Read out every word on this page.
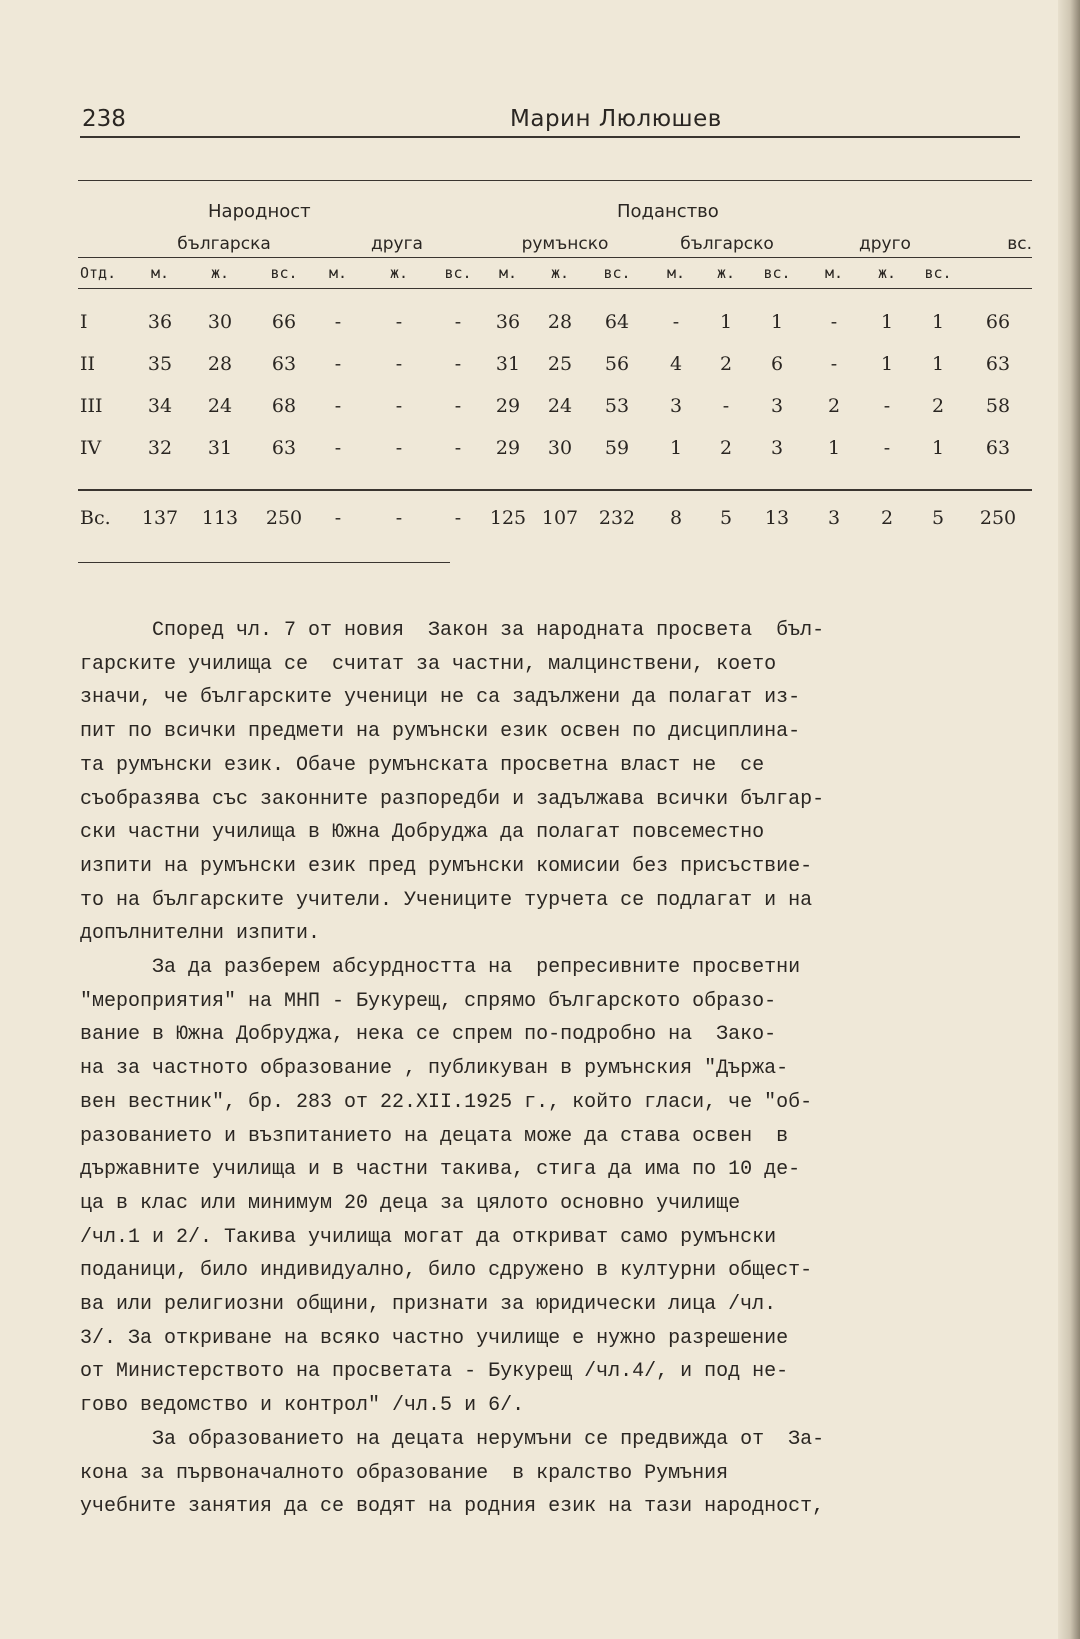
238	Марин Люлюшев

	Народност						Поданство									
	българска			друга			румънско			българско			друго			вс.
Отд.	м.	ж.	вс.	м.	ж.	вс.	м.	ж.	вс.	м.	ж.	вс.	м.	ж.	вс.	

I	36	30	66	-	-	-	36	28	64	-	1	1	-	1	1	66
II	35	28	63	-	-	-	31	25	56	4	2	6	-	1	1	63
III	34	24	68	-	-	-	29	24	53	3	-	3	2	-	2	58
IV	32	31	63	-	-	-	29	30	59	1	2	3	1	-	1	63

Вс.	137	113	250	-	-	-	125	107	232	8	5	13	3	2	5	250
Според чл. 7 от новия  Закон за народната просвета  бъл-
гарските училища се  считат за частни, малцинствени, което
значи, че българските ученици не са задължени да полагат из-
пит по всички предмети на румънски език освен по дисциплина-
та румънски език. Обаче румънската просветна власт не  се
съобразява със законните разпоредби и задължава всички българ-
ски частни училища в Южна Добруджа да полагат повсеместно
изпити на румънски език пред румънски комисии без присъствие-
то на българските учители. Учениците турчета се подлагат и на
допълнителни изпити.
За да разберем абсурдността на  репресивните просветни
"мероприятия" на МНП - Букурещ, спрямо българското образо-
вание в Южна Добруджа, нека се спрем по-подробно на  Зако-
на за частното образование , публикуван в румънския "Държа-
вен вестник", бр. 283 от 22.XII.1925 г., който гласи, че "об-
разованието и възпитанието на децата може да става освен  в
държавните училища и в частни такива, стига да има по 10 де-
ца в клас или минимум 20 деца за цялото основно училище
/чл.1 и 2/. Такива училища могат да откриват само румънски
поданици, било индивидуално, било сдружено в културни общест-
ва или религиозни общини, признати за юридически лица /чл.
3/. За откриване на всяко частно училище е нужно разрешение
от Министерството на просветата - Букурещ /чл.4/, и под не-
гово ведомство и контрол" /чл.5 и 6/.
За образованието на децата нерумъни се предвижда от  За-
кона за първоначалното образование  в кралство Румъния
учебните занятия да се водят на родния език на тази народност,
